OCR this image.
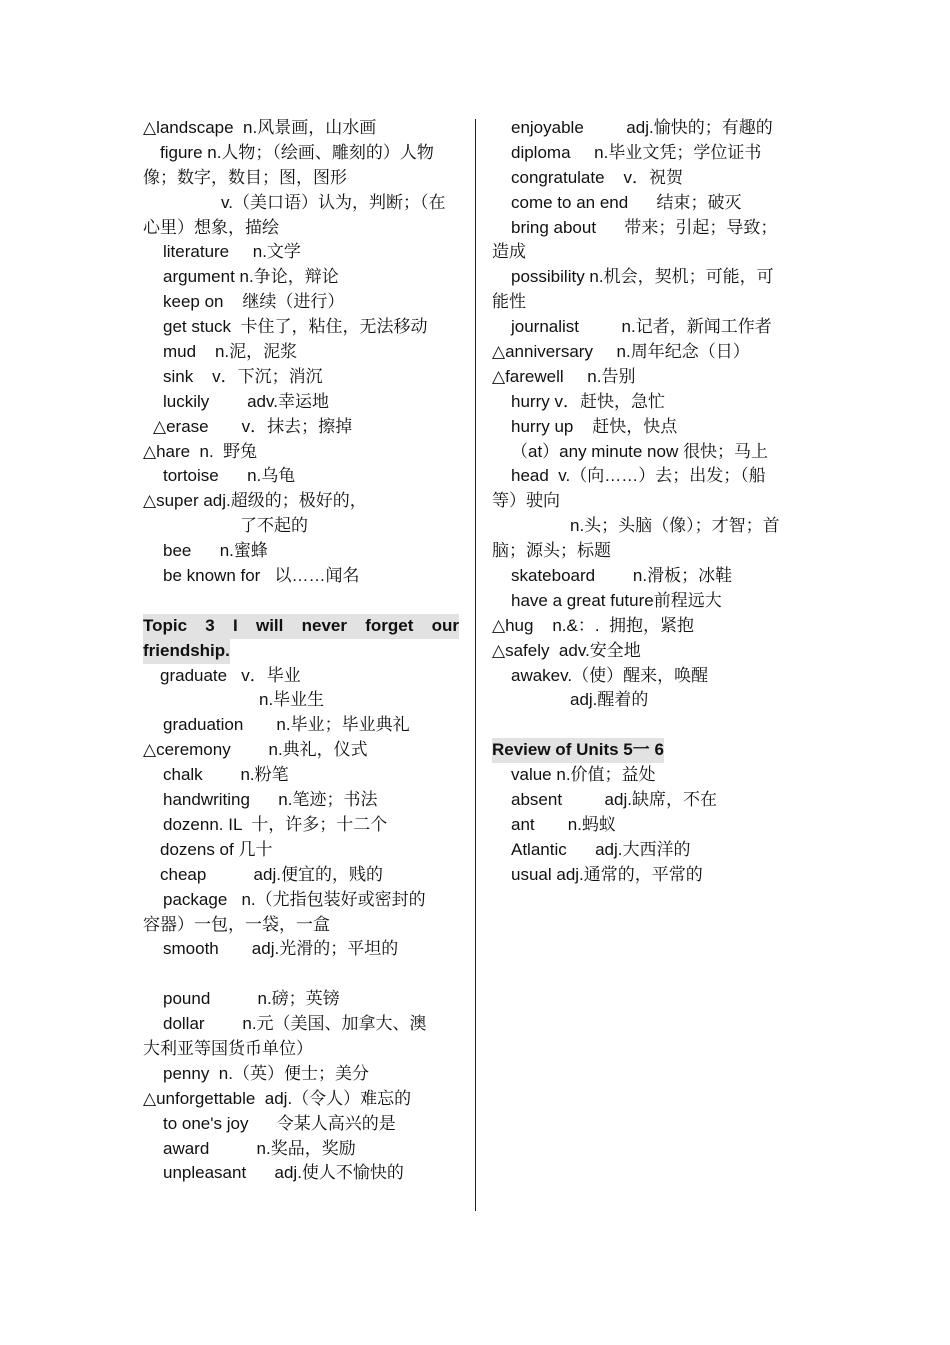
△landscape  n.风景画，山水画
figure n.人物；（绘画、雕刻的）人物
像；数字，数目；图，图形
v.（美口语）认为，判断；（在
心里）想象，描绘
literature     n.文学
argument n.争论，辩论
keep on    继续（进行）
get stuck  卡住了，粘住，无法移动
mud    n.泥，泥浆
sink    v．下沉；消沉
luckily        adv.幸运地
△erase       v．抹去；擦掉
△hare  n.  野兔
tortoise      n.乌龟
△super adj.超级的；极好的，
了不起的
bee      n.蜜蜂
be known for   以……闻名
Topic 3 I will never forget our
friendship.
graduate   v．毕业
n.毕业生
graduation       n.毕业；毕业典礼
△ceremony        n.典礼，仪式
chalk        n.粉笔
handwriting      n.笔迹；书法
dozenn. IL  十，许多；十二个
dozens of 几十
cheap          adj.便宜的，贱的
package   n.（尤指包装好或密封的
容器）一包，一袋，一盒
smooth       adj.光滑的；平坦的
pound          n.磅；英镑
dollar        n.元（美国、加拿大、澳
大利亚等国货币单位）
penny  n.（英）便士；美分
△unforgettable  adj.（令人）难忘的
to one's joy      令某人高兴的是
award          n.奖品，奖励
unpleasant      adj.使人不愉快的
enjoyable         adj.愉快的；有趣的
diploma     n.毕业文凭；学位证书
congratulate    v．祝贺
come to an end      结束；破灭
bring about      带来；引起；导致；
造成
possibility n.机会，契机；可能，可
能性
journalist         n.记者，新闻工作者
△anniversary     n.周年纪念（日）
△farewell     n.告别
hurry v．赶快，急忙
hurry up    赶快，快点
（at）any minute now 很快；马上
head  v.（向……）去；出发；（船
等）驶向
n.头；头脑（像）；才智；首
脑；源头；标题
skateboard        n.滑板；冰鞋
have a great future前程远大
△hug    n.&：.  拥抱，紧抱
△safely  adv.安全地
awakev.（使）醒来，唤醒
adj.醒着的
Review of Units 5一 6
value n.价值；益处
absent         adj.缺席，不在
ant       n.蚂蚁
Atlantic      adj.大西洋的
usual adj.通常的，平常的
